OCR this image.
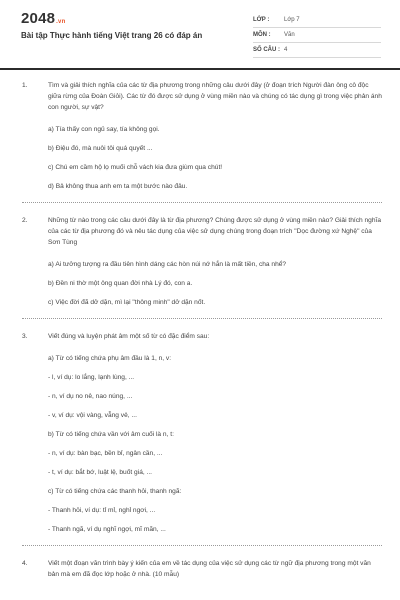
2048.vn
Bài tập Thực hành tiếng Việt trang 26 có đáp án
LỚP :	Lớp 7
MÔN :	Văn
SỐ CÂU : 4
1.	Tìm và giải thích nghĩa của các từ địa phương trong những câu dưới đây (ở đoạn trích Người đàn ông cô độc giữa rừng của Đoàn Giỏi). Các từ đó được sử dụng ở vùng miền nào và chúng có tác dụng gì trong việc phản ánh con người, sự vật?
a) Tía thấy con ngủ say, tía không gọi.
b) Điệu đó, mà nuôi tôi quá quyết ...
c) Chú em cầm hộ lọ muối chỗ vách kia đưa giùm qua chút!
d) Bả không thua anh em ta một bước nào đâu.
2.	Những từ nào trong các câu dưới đây là từ địa phương? Chúng được sử dụng ở vùng miền nào? Giải thích nghĩa của các từ địa phương đó và nêu tác dụng của việc sử dụng chúng trong đoạn trích "Dọc đường xứ Nghệ" của Sơn Tùng
a) Ai tưởng tượng ra đầu tiên hình dáng các hòn núi nớ hắn là mất tiền, cha nhể?
b) Đền ni thờ một ông quan đời nhà Lý đó, con a.
c) Việc đời đã dở dặn, mì lại "thông minh" dở dặn nốt.
3.	Viết đúng và luyện phát âm một số từ có đặc điểm sau:
a) Từ có tiếng chứa phụ âm đầu là 1, n, v:
- l, ví dụ: lo lắng, lạnh lùng, ...
- n, ví dụ no nê, nao núng, ...
- v, ví dụ: vội vàng, vẵng vẻ, ...
b) Từ có tiếng chứa vần với âm cuối là n, t:
- n, ví dụ: bàn bạc, bền bỉ, ngân cần, ...
- t, ví dụ: bắt bớ, luật lệ, buốt giá, ...
c) Từ có tiếng chứa các thanh hỏi, thanh ngã:
- Thanh hỏi, ví dụ: tỉ mỉ, nghỉ ngơi, ...
- Thanh ngã, ví dụ nghĩ ngợi, mĩ mãn, ...
4.	Viết một đoạn văn trình bày ý kiến của em về tác dụng của việc sử dụng các từ ngữ địa phương trong một văn bản mà em đã đọc lớp hoặc ở nhà. (10 mẫu)
